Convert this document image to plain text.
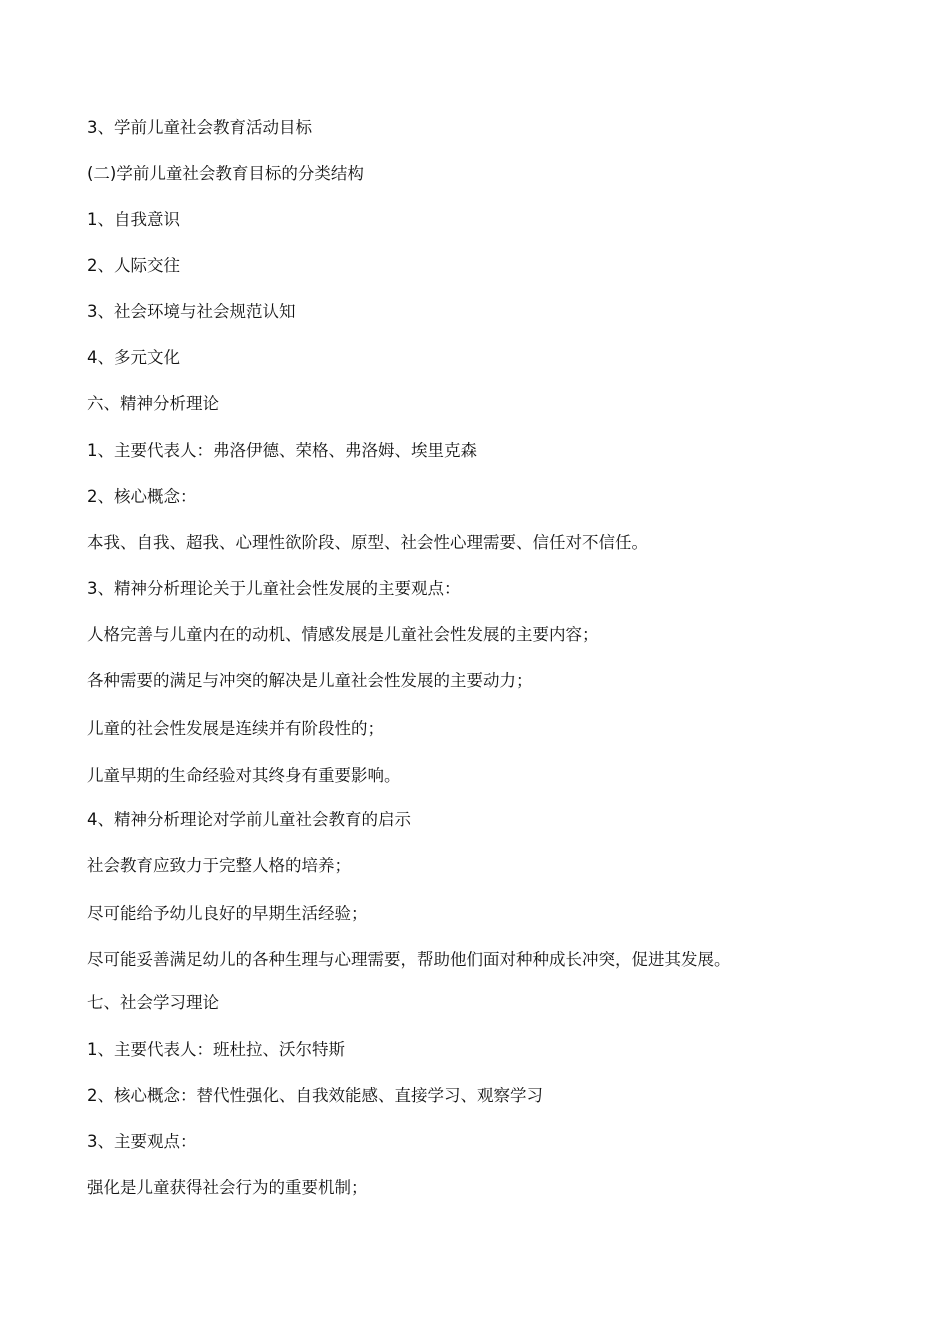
3、学前儿童社会教育活动目标
(二)学前儿童社会教育目标的分类结构
1、自我意识
2、人际交往
3、社会环境与社会规范认知
4、多元文化
六、精神分析理论
1、主要代表人：弗洛伊德、荣格、弗洛姆、埃里克森
2、核心概念：
本我、自我、超我、心理性欲阶段、原型、社会性心理需要、信任对不信任。
3、精神分析理论关于儿童社会性发展的主要观点：
人格完善与儿童内在的动机、情感发展是儿童社会性发展的主要内容；
各种需要的满足与冲突的解决是儿童社会性发展的主要动力；
儿童的社会性发展是连续并有阶段性的；
儿童早期的生命经验对其终身有重要影响。
4、精神分析理论对学前儿童社会教育的启示
社会教育应致力于完整人格的培养；
尽可能给予幼儿良好的早期生活经验；
尽可能妥善满足幼儿的各种生理与心理需要，帮助他们面对种种成长冲突，促进其发展。
七、社会学习理论
1、主要代表人：班杜拉、沃尔特斯
2、核心概念：替代性强化、自我效能感、直接学习、观察学习
3、主要观点：
强化是儿童获得社会行为的重要机制；
